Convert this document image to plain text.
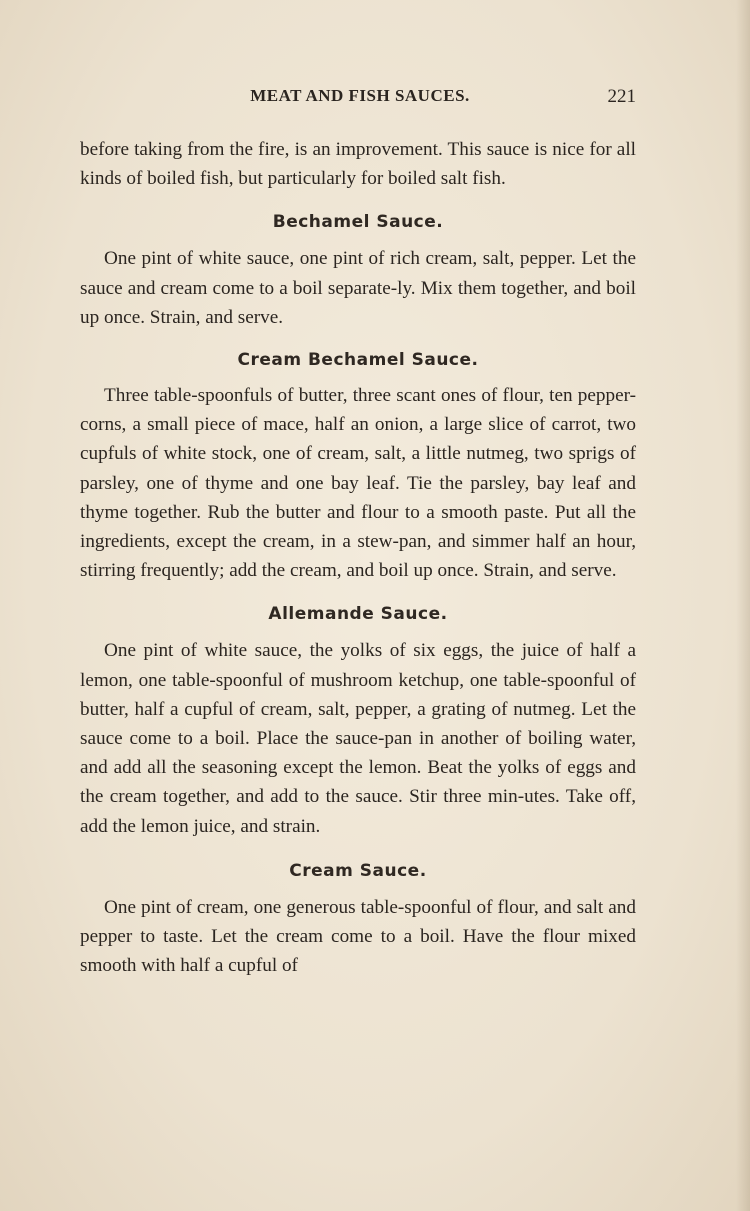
MEAT AND FISH SAUCES.	221

before taking from the fire, is an improvement. This sauce is nice for all kinds of boiled fish, but particularly for boiled salt fish.

Bechamel Sauce.

One pint of white sauce, one pint of rich cream, salt, pepper. Let the sauce and cream come to a boil separate-ly. Mix them together, and boil up once. Strain, and serve.

Cream Bechamel Sauce.

Three table-spoonfuls of butter, three scant ones of flour, ten pepper-corns, a small piece of mace, half an onion, a large slice of carrot, two cupfuls of white stock, one of cream, salt, a little nutmeg, two sprigs of parsley, one of thyme and one bay leaf. Tie the parsley, bay leaf and thyme together. Rub the butter and flour to a smooth paste. Put all the ingredients, except the cream, in a stew-pan, and simmer half an hour, stirring frequently; add the cream, and boil up once. Strain, and serve.

Allemande Sauce.

One pint of white sauce, the yolks of six eggs, the juice of half a lemon, one table-spoonful of mushroom ketchup, one table-spoonful of butter, half a cupful of cream, salt, pepper, a grating of nutmeg. Let the sauce come to a boil. Place the sauce-pan in another of boiling water, and add all the seasoning except the lemon. Beat the yolks of eggs and the cream together, and add to the sauce. Stir three min-utes. Take off, add the lemon juice, and strain.

Cream Sauce.

One pint of cream, one generous table-spoonful of flour, and salt and pepper to taste. Let the cream come to a boil. Have the flour mixed smooth with half a cupful of
